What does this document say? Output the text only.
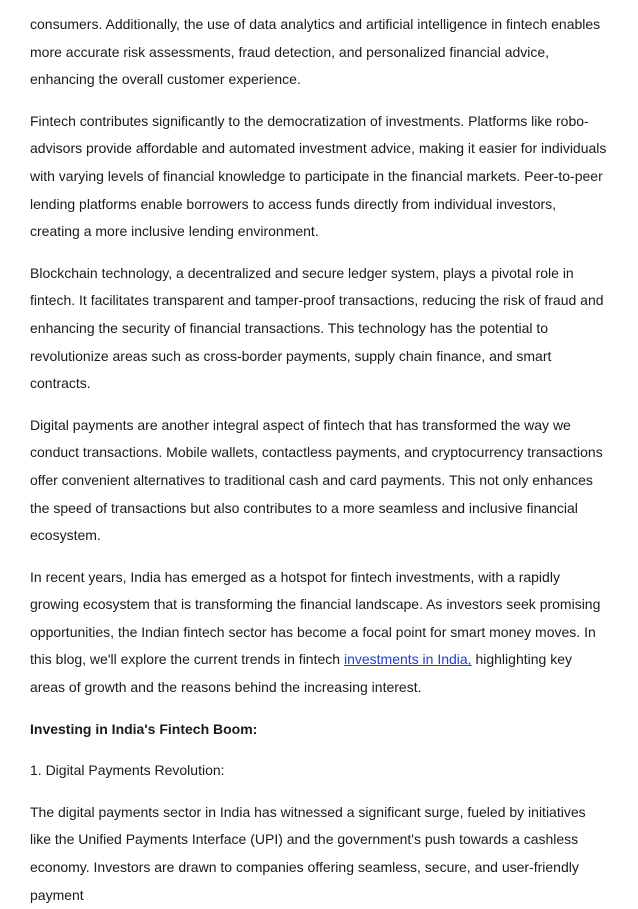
consumers. Additionally, the use of data analytics and artificial intelligence in fintech enables more accurate risk assessments, fraud detection, and personalized financial advice, enhancing the overall customer experience.

Fintech contributes significantly to the democratization of investments. Platforms like robo-advisors provide affordable and automated investment advice, making it easier for individuals with varying levels of financial knowledge to participate in the financial markets. Peer-to-peer lending platforms enable borrowers to access funds directly from individual investors, creating a more inclusive lending environment.

Blockchain technology, a decentralized and secure ledger system, plays a pivotal role in fintech. It facilitates transparent and tamper-proof transactions, reducing the risk of fraud and enhancing the security of financial transactions. This technology has the potential to revolutionize areas such as cross-border payments, supply chain finance, and smart contracts.

Digital payments are another integral aspect of fintech that has transformed the way we conduct transactions. Mobile wallets, contactless payments, and cryptocurrency transactions offer convenient alternatives to traditional cash and card payments. This not only enhances the speed of transactions but also contributes to a more seamless and inclusive financial ecosystem.

In recent years, India has emerged as a hotspot for fintech investments, with a rapidly growing ecosystem that is transforming the financial landscape. As investors seek promising opportunities, the Indian fintech sector has become a focal point for smart money moves. In this blog, we'll explore the current trends in fintech investments in India, highlighting key areas of growth and the reasons behind the increasing interest.

Investing in India's Fintech Boom:

1. Digital Payments Revolution:

The digital payments sector in India has witnessed a significant surge, fueled by initiatives like the Unified Payments Interface (UPI) and the government's push towards a cashless economy. Investors are drawn to companies offering seamless, secure, and user-friendly payment
